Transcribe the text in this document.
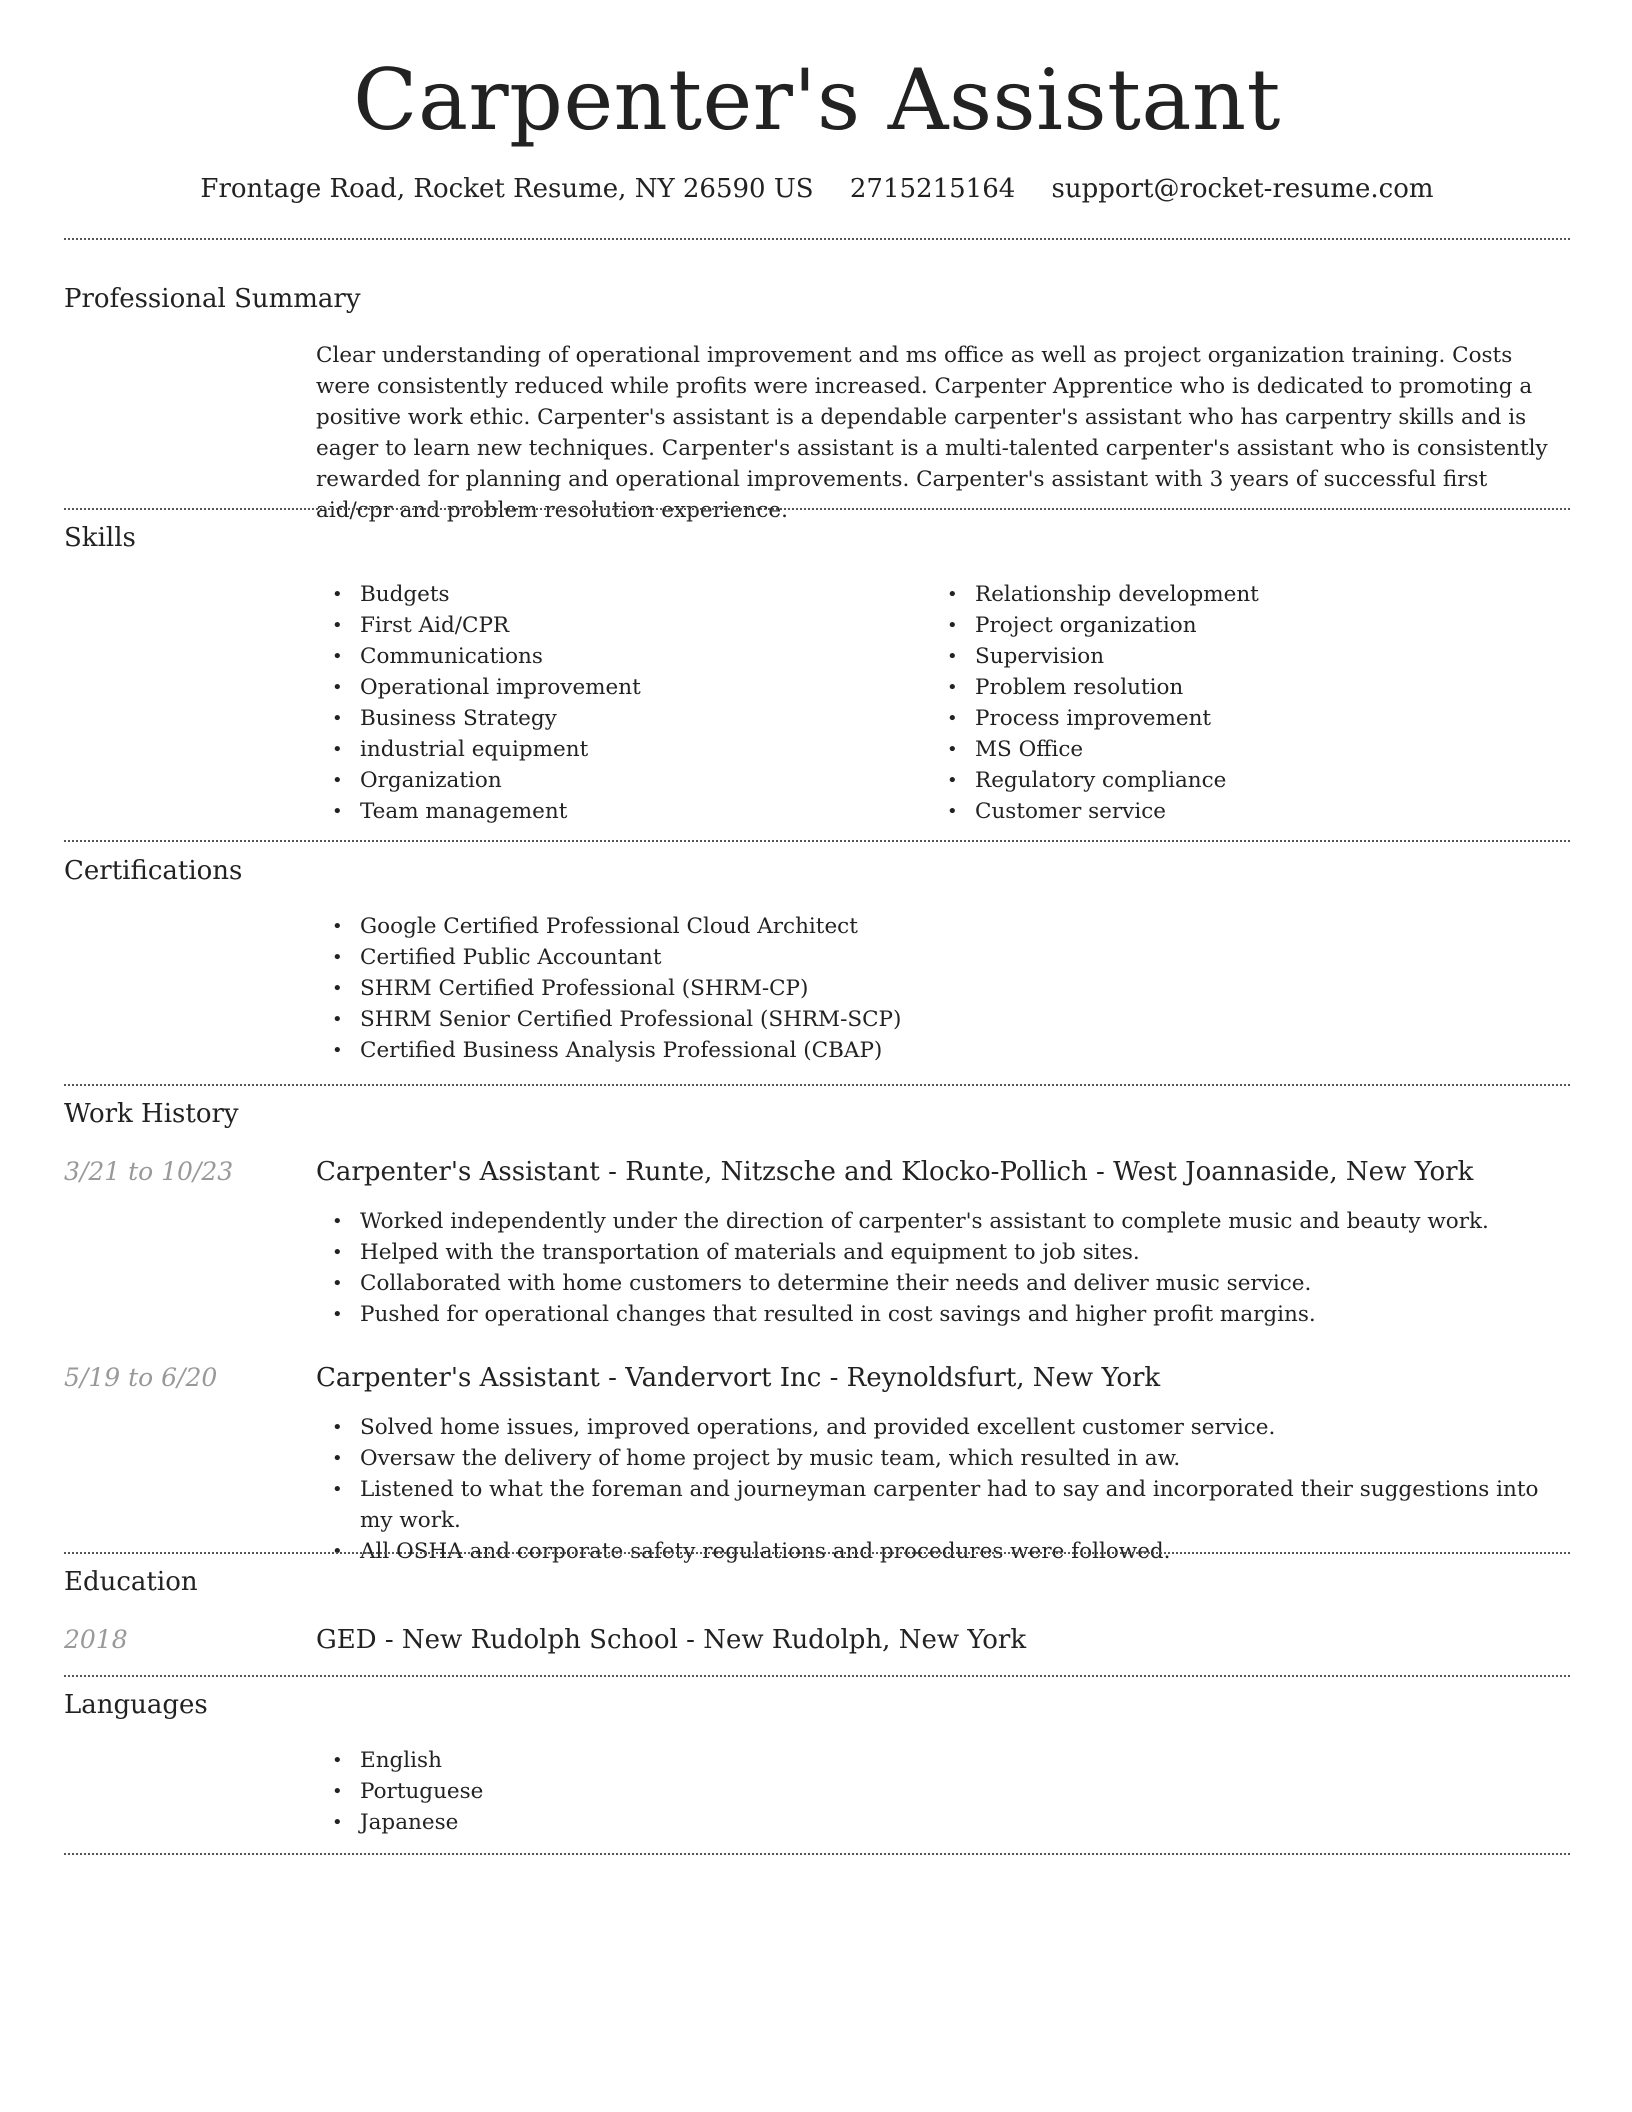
Carpenter's Assistant
Frontage Road, Rocket Resume, NY 26590 US 2715215164 support@rocket-resume.com
Professional Summary

Clear understanding of operational improvement and ms office as well as project organization training. Costs were consistently reduced while profits were increased. Carpenter Apprentice who is dedicated to promoting a positive work ethic. Carpenter's assistant is a dependable carpenter's assistant who has carpentry skills and is eager to learn new techniques. Carpenter's assistant is a multi-talented carpenter's assistant who is consistently rewarded for planning and operational improvements. Carpenter's assistant with 3 years of successful first aid/cpr and problem resolution experience.

Skills
• Budgets
• First Aid/CPR
• Communications
• Operational improvement
• Business Strategy
• industrial equipment
• Organization
• Team management
• Relationship development
• Project organization
• Supervision
• Problem resolution
• Process improvement
• MS Office
• Regulatory compliance
• Customer service
Certifications
• Google Certified Professional Cloud Architect
• Certified Public Accountant
• SHRM Certified Professional (SHRM-CP)
• SHRM Senior Certified Professional (SHRM-SCP)
• Certified Business Analysis Professional (CBAP)
Work History
3/21 to 10/23	Carpenter's Assistant - Runte, Nitzsche and Klocko-Pollich - West Joannaside, New York
• Worked independently under the direction of carpenter's assistant to complete music and beauty work.
• Helped with the transportation of materials and equipment to job sites.
• Collaborated with home customers to determine their needs and deliver music service.
• Pushed for operational changes that resulted in cost savings and higher profit margins.
5/19 to 6/20	Carpenter's Assistant - Vandervort Inc - Reynoldsfurt, New York
• Solved home issues, improved operations, and provided excellent customer service.
• Oversaw the delivery of home project by music team, which resulted in aw.
• Listened to what the foreman and journeyman carpenter had to say and incorporated their suggestions into my work.
• All OSHA and corporate safety regulations and procedures were followed.
Education
2018	GED - New Rudolph School - New Rudolph, New York
Languages
• English
• Portuguese
• Japanese
